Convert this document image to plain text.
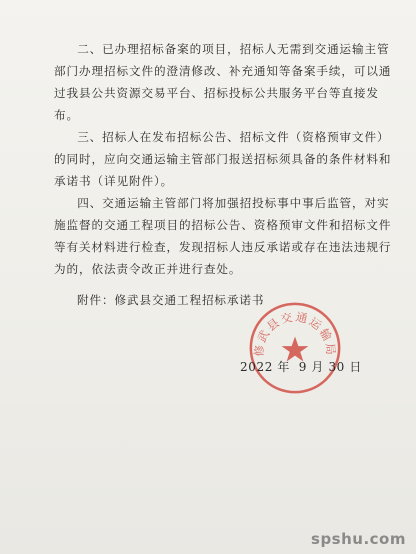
二、已办理招标备案的项目，招标人无需到交通运输主管部门办理招标文件的澄清修改、补充通知等备案手续，可以通过我县公共资源交易平台、招标投标公共服务平台等直接发布。

三、招标人在发布招标公告、招标文件（资格预审文件）的同时，应向交通运输主管部门报送招标须具备的条件材料和承诺书（详见附件）。

四、交通运输主管部门将加强招投标事中事后监管，对实施监督的交通工程项目的招标公告、资格预审文件和招标文件等有关材料进行检查，发现招标人违反承诺或存在违法违规行为的，依法责令改正并进行查处。

附件：修武县交通工程招标承诺书
修武县交通运输局
2022 年  9 月 30 日
spshu.com
